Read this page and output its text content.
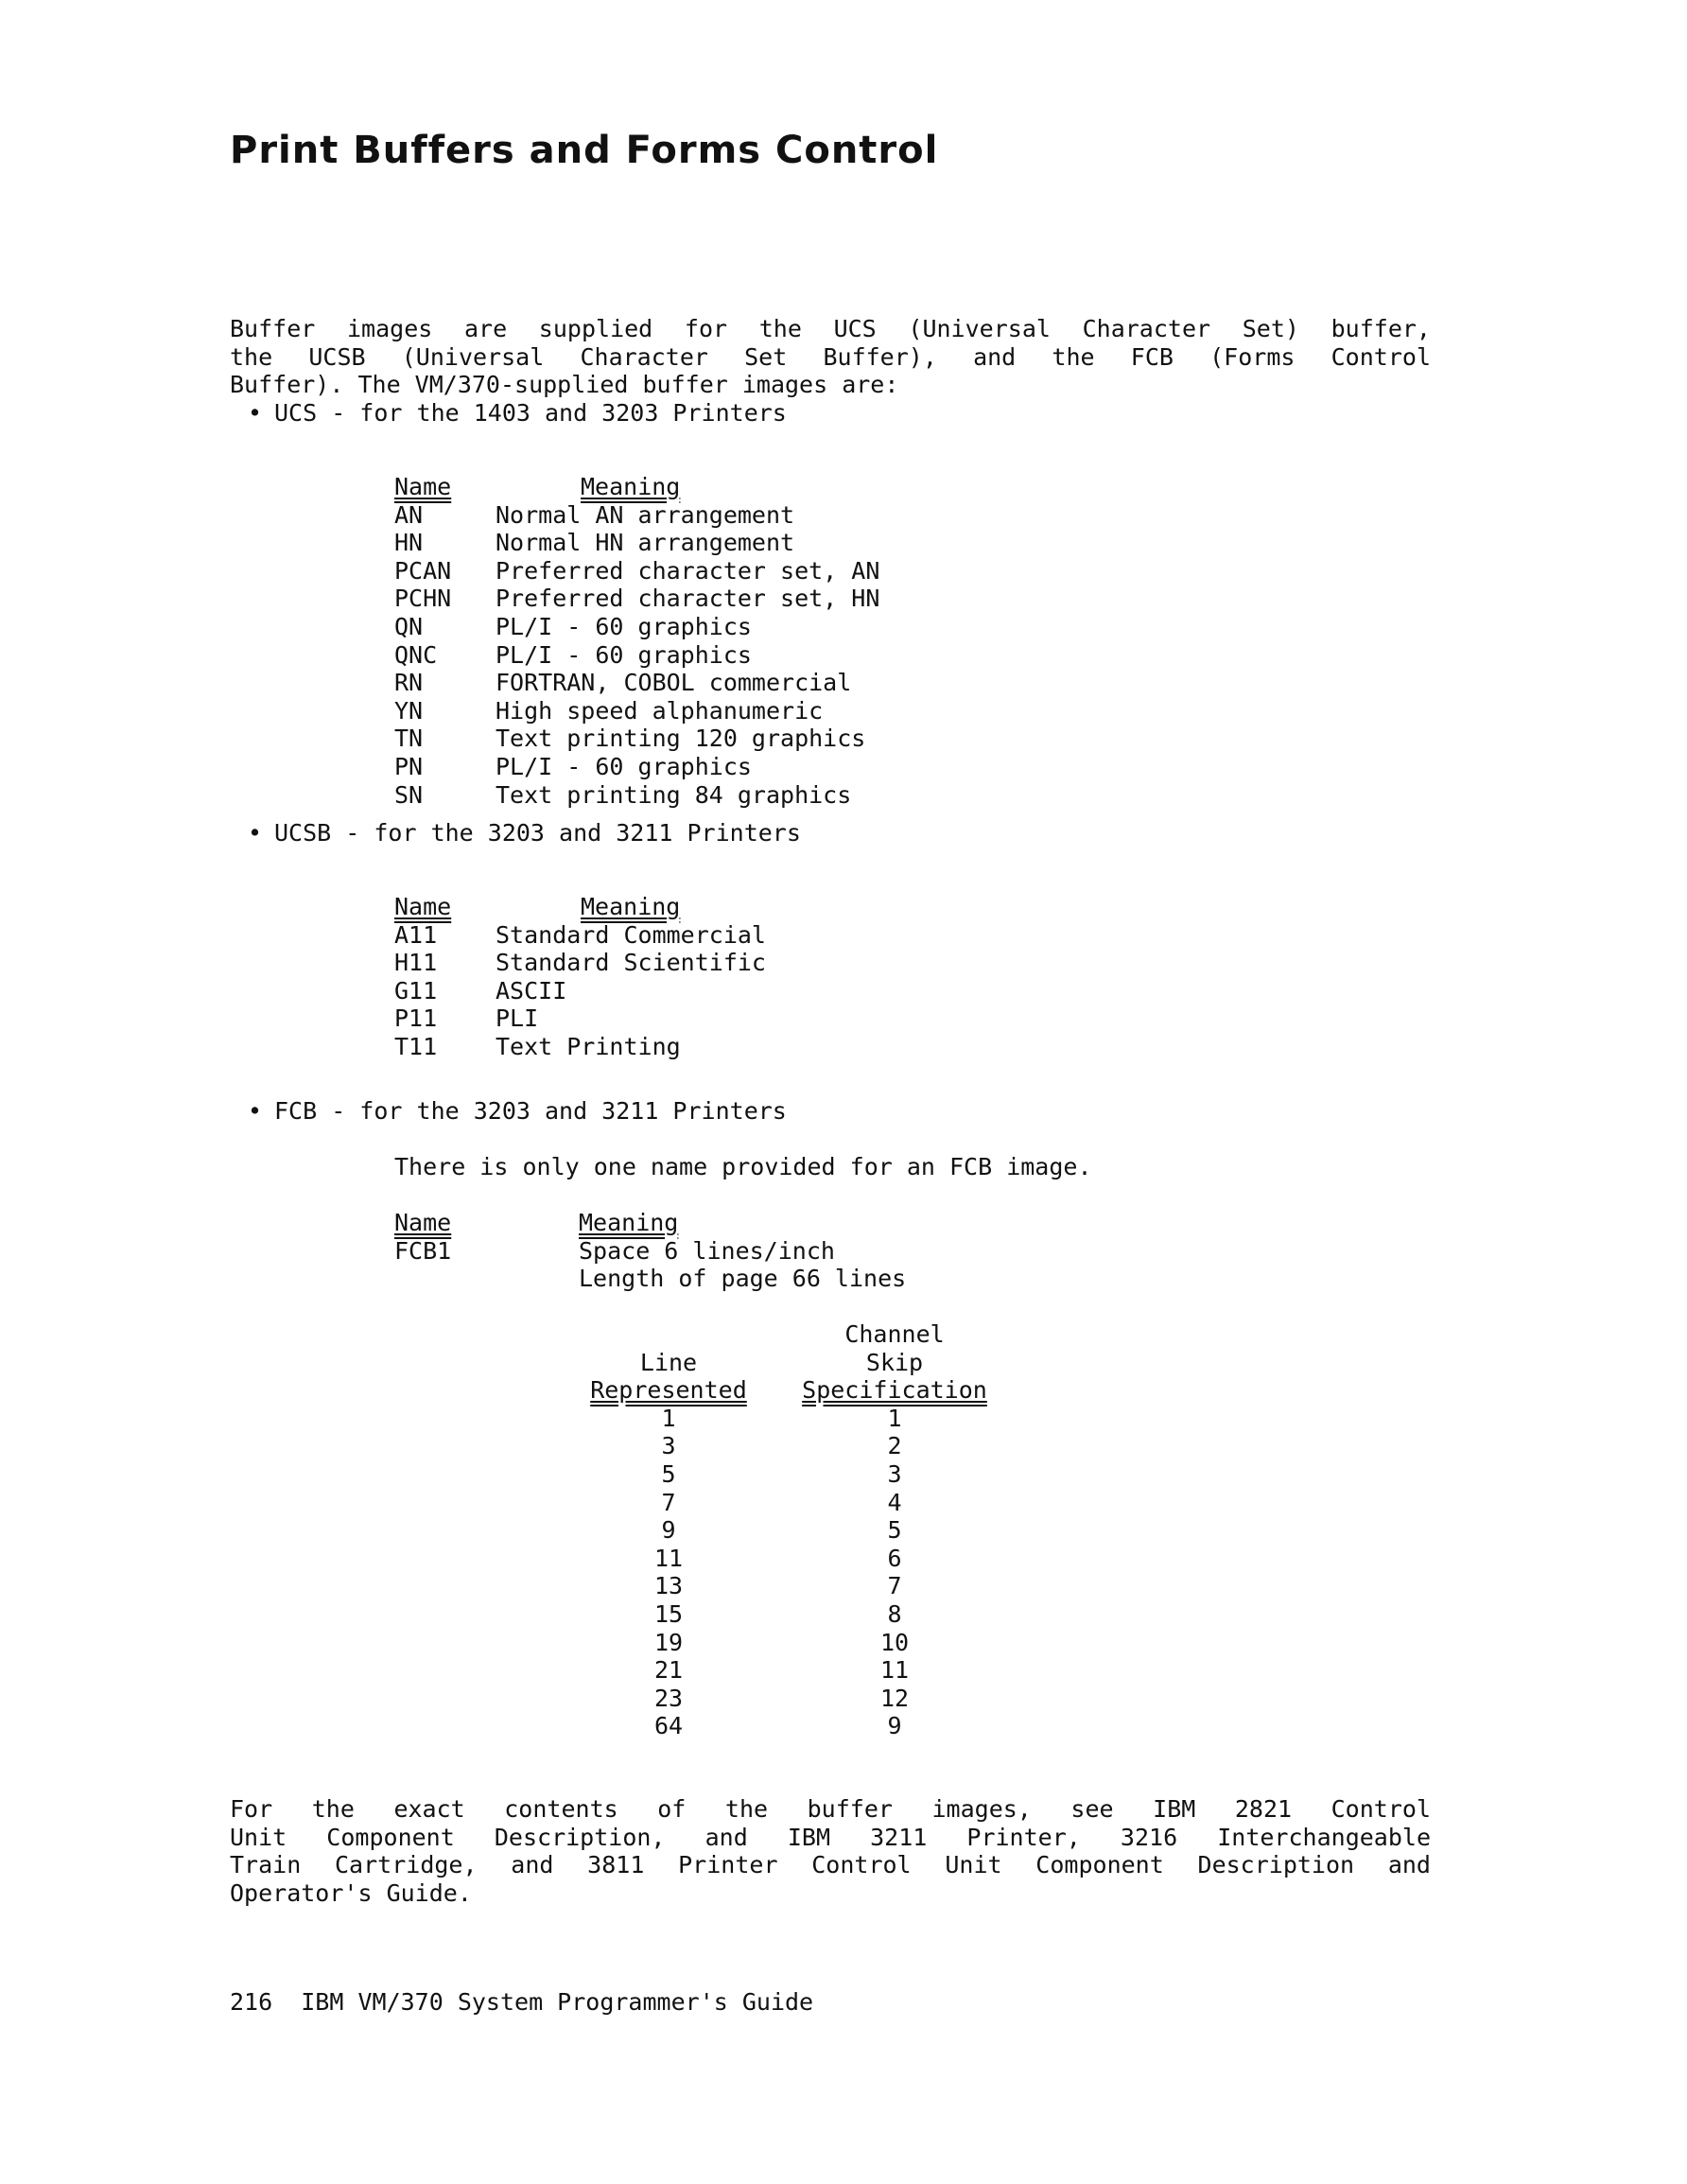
Print Buffers and Forms Control
Buffer images are supplied for the UCS (Universal Character Set) buffer,
the UCSB (Universal Character Set Buffer), and the FCB (Forms Control
Buffer). The VM/370-supplied buffer images are:
• UCS - for the 1403 and 3203 Printers
Name	Meaning
AN	Normal AN arrangement
HN	Normal HN arrangement
PCAN	Preferred character set, AN
PCHN	Preferred character set, HN
QN	PL/I - 60 graphics
QNC	PL/I - 60 graphics
RN	FORTRAN, COBOL commercial
YN	High speed alphanumeric
TN	Text printing 120 graphics
PN	PL/I - 60 graphics
SN	Text printing 84 graphics
• UCSB - for the 3203 and 3211 Printers
Name	Meaning
A11	Standard Commercial
H11	Standard Scientific
G11	ASCII
P11	PLI
T11	Text Printing
• FCB - for the 3203 and 3211 Printers
There is only one name provided for an FCB image.
Name	Meaning
FCB1	Space 6 lines/inch
Length of page 66 lines
Channel
Line	Skip
Represented	Specification
1	1
3	2
5	3
7	4
9	5
11	6
13	7
15	8
19	10
21	11
23	12
64	9
For the exact contents of the buffer images, see IBM 2821 Control
Unit Component Description, and IBM 3211 Printer, 3216 Interchangeable
Train Cartridge, and 3811 Printer Control Unit Component Description and
Operator's Guide.
216  IBM VM/370 System Programmer's Guide
